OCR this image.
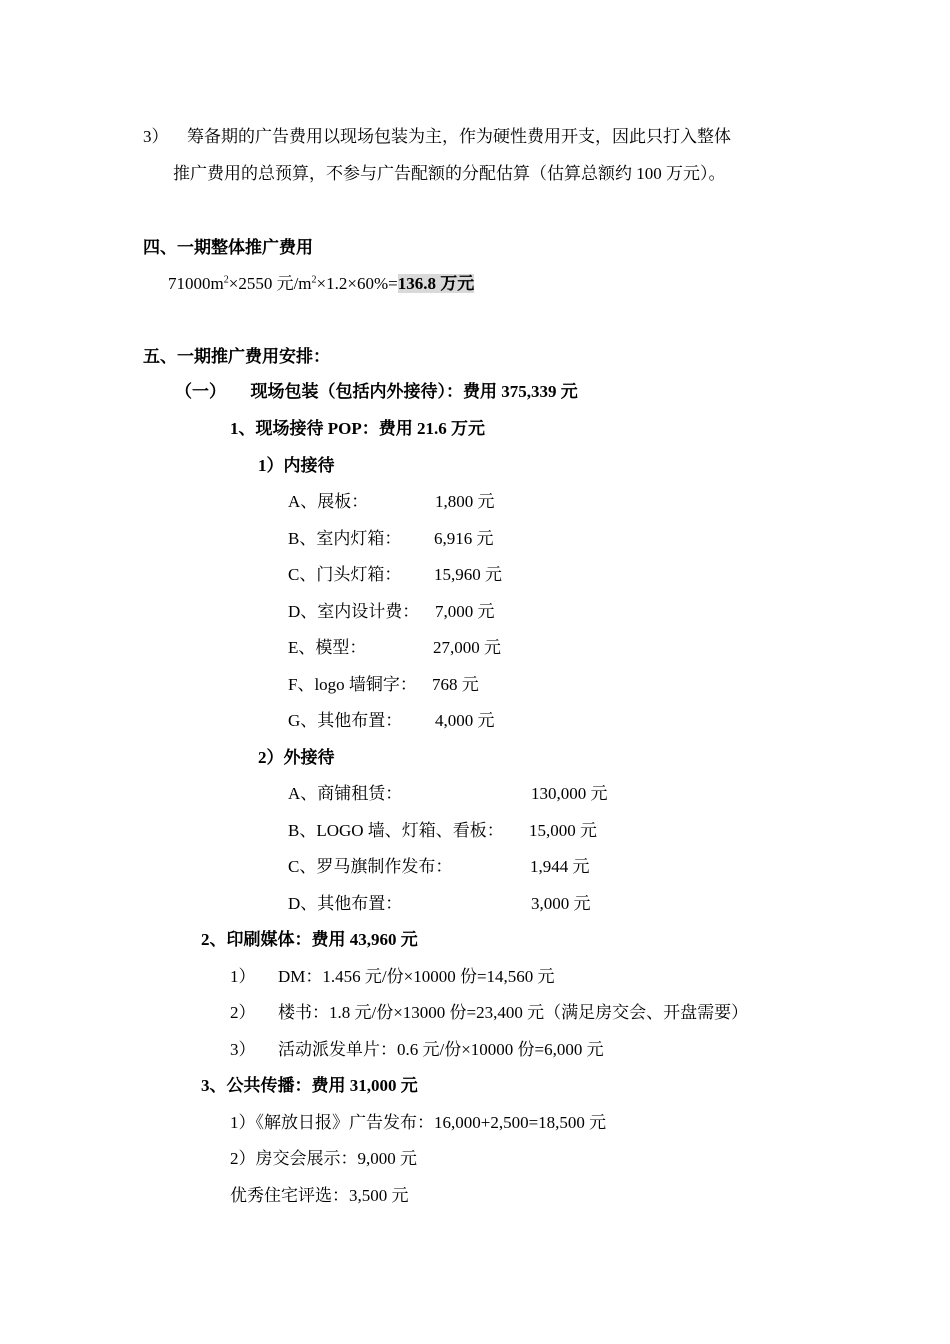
3） 筹备期的广告费用以现场包装为主，作为硬性费用开支，因此只打入整体
推广费用的总预算，不参与广告配额的分配估算（估算总额约 100 万元）。
四、一期整体推广费用
$71000m^2\times 2550$ 元$/m^2\times 1.2\times 60\%=136.8$ 万元
五、一期推广费用安排：
（一） 现场包装（包括内外接待）：费用 375,339 元
1、现场接待 POP：费用 21.6 万元
1）内接待
A、展板：	1,800 元
B、室内灯箱： 6,916 元
C、门头灯箱： 15,960 元
D、室内设计费： 7,000 元
E、模型：	27,000 元
F、logo 墙铜字： 768 元
G、其他布置： 4,000 元
2）外接待
A、商铺租赁：	130,000 元
B、LOGO 墙、灯箱、看板： 15,000 元
C、罗马旗制作发布：	1,944 元
D、其他布置：	3,000 元
2、印刷媒体：费用 43,960 元
1） DM：1.456 元/份×10000 份=14,560 元
2） 楼书：1.8 元/份×13000 份=23,400 元（满足房交会、开盘需要）
3） 活动派发单片：0.6 元/份×10000 份=6,000 元
3、公共传播：费用 31,000 元
1）《解放日报》广告发布：16,000+2,500=18,500 元
2）房交会展示：9,000 元
优秀住宅评选：3,500 元
